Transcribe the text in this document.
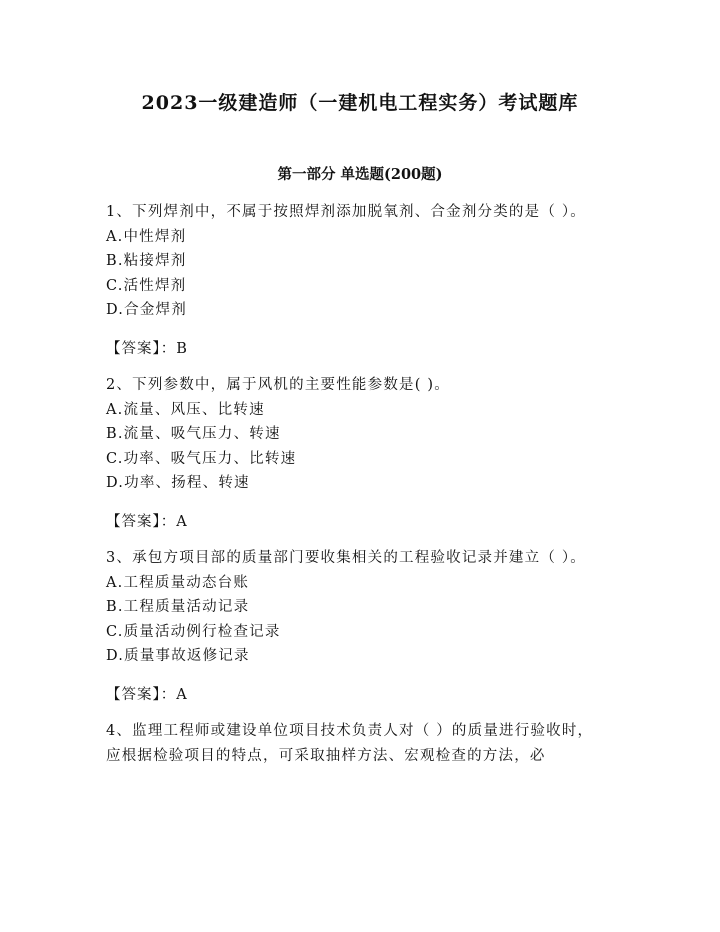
2023一级建造师（一建机电工程实务）考试题库
第一部分 单选题(200题)

1、下列焊剂中，不属于按照焊剂添加脱氧剂、合金剂分类的是（ ）。

A.中性焊剂

B.粘接焊剂

C.活性焊剂

D.合金焊剂

【答案】：B

2、下列参数中，属于风机的主要性能参数是( )。

A.流量、风压、比转速

B.流量、吸气压力、转速

C.功率、吸气压力、比转速

D.功率、扬程、转速

【答案】：A

3、承包方项目部的质量部门要收集相关的工程验收记录并建立（ ）。

A.工程质量动态台账

B.工程质量活动记录

C.质量活动例行检查记录

D.质量事故返修记录

【答案】：A

4、监理工程师或建设单位项目技术负责人对（ ）的质量进行验收时，应根据检验项目的特点，可采取抽样方法、宏观检查的方法，必
